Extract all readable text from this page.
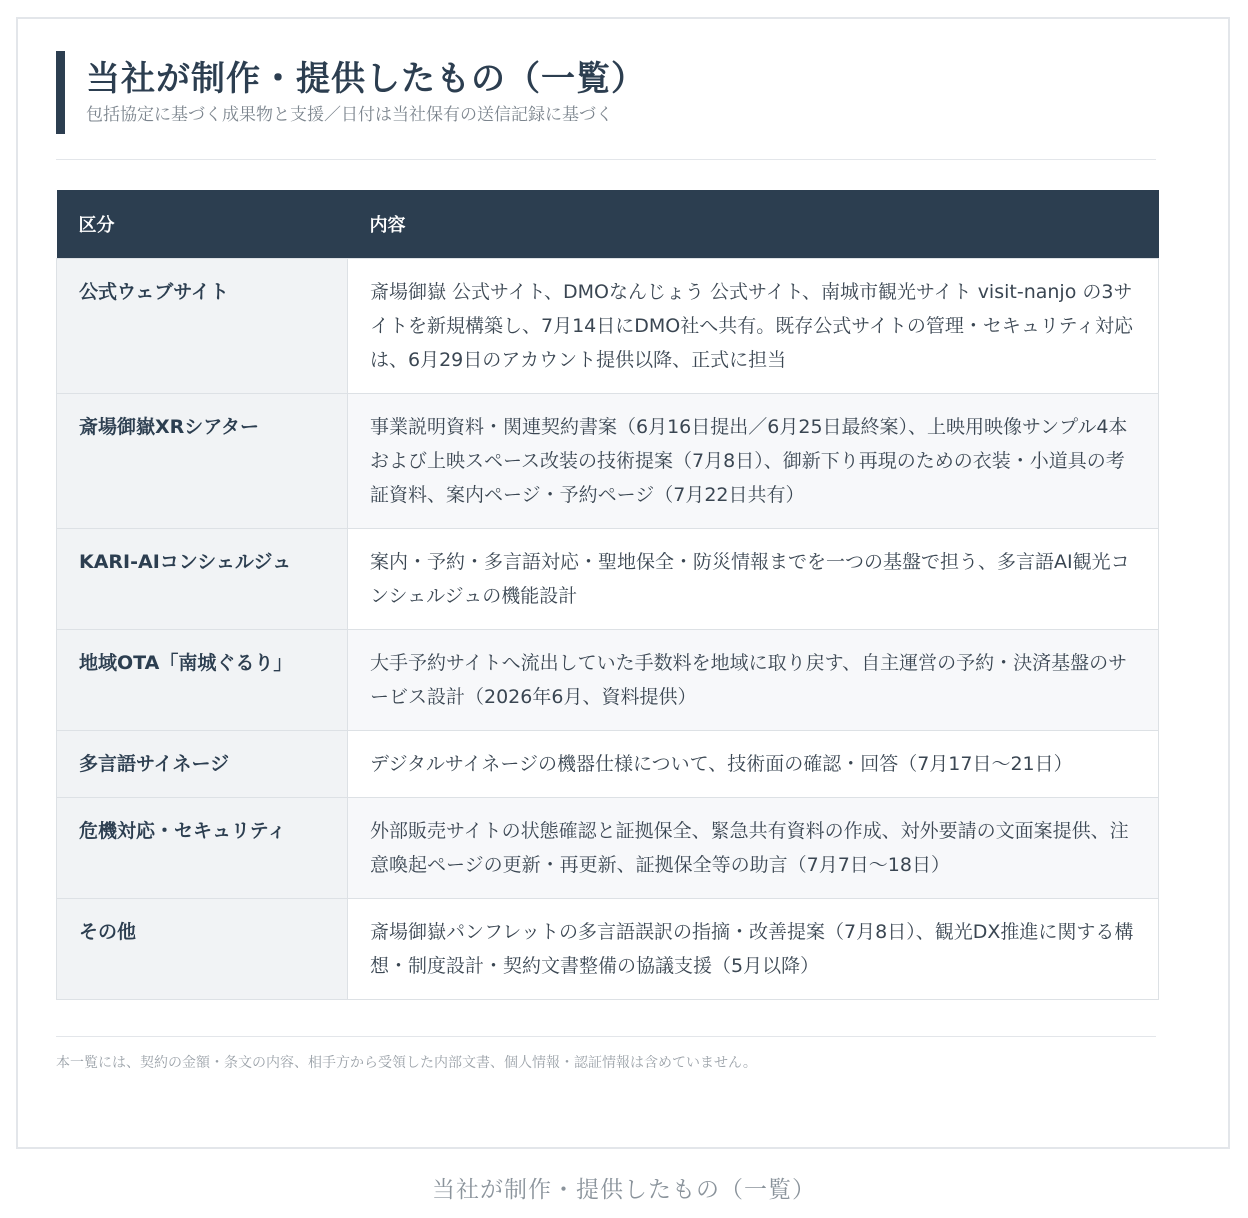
当社が制作・提供したもの（一覧）

包括協定に基づく成果物と支援／日付は当社保有の送信記録に基づく

区分	内容
公式ウェブサイト	斎場御嶽 公式サイト、DMOなんじょう 公式サイト、南城市観光サイト visit-nanjo の3サイトを新規構築し、7月14日にDMO社へ共有。既存公式サイトの管理・セキュリティ対応は、6月29日のアカウント提供以降、正式に担当
斎場御嶽XRシアター	事業説明資料・関連契約書案（6月16日提出／6月25日最終案）、上映用映像サンプル4本および上映スペース改装の技術提案（7月8日）、御新下り再現のための衣装・小道具の考証資料、案内ページ・予約ページ（7月22日共有）
KARI-AIコンシェルジュ	案内・予約・多言語対応・聖地保全・防災情報までを一つの基盤で担う、多言語AI観光コンシェルジュの機能設計
地域OTA「南城ぐるり」	大手予約サイトへ流出していた手数料を地域に取り戻す、自主運営の予約・決済基盤のサービス設計（2026年6月、資料提供）
多言語サイネージ	デジタルサイネージの機器仕様について、技術面の確認・回答（7月17日〜21日）
危機対応・セキュリティ	外部販売サイトの状態確認と証拠保全、緊急共有資料の作成、対外要請の文面案提供、注意喚起ページの更新・再更新、証拠保全等の助言（7月7日〜18日）
その他	斎場御嶽パンフレットの多言語誤訳の指摘・改善提案（7月8日）、観光DX推進に関する構想・制度設計・契約文書整備の協議支援（5月以降）
本一覧には、契約の金額・条文の内容、相手方から受領した内部文書、個人情報・認証情報は含めていません。
当社が制作・提供したもの（一覧）
